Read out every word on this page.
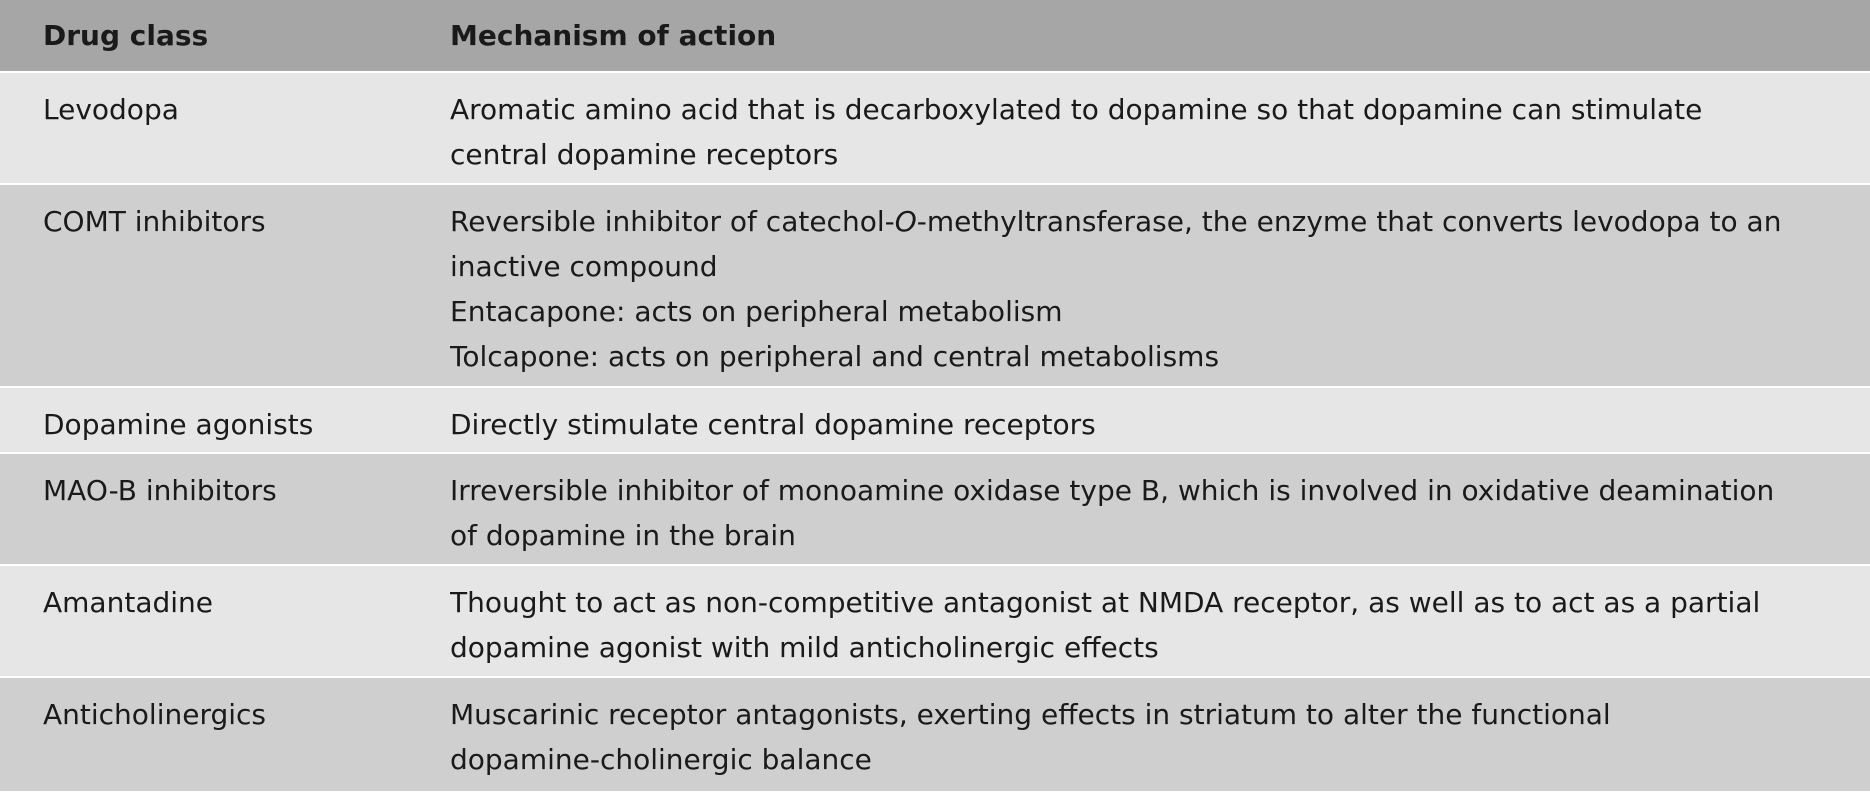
Drug class	Mechanism of action
Levodopa	Aromatic amino acid that is decarboxylated to dopamine so that dopamine can stimulate
central dopamine receptors
COMT inhibitors	Reversible inhibitor of catechol-O-methyltransferase, the enzyme that converts levodopa to an
inactive compound
Entacapone: acts on peripheral metabolism
Tolcapone: acts on peripheral and central metabolisms
Dopamine agonists	Directly stimulate central dopamine receptors
MAO-B inhibitors	Irreversible inhibitor of monoamine oxidase type B, which is involved in oxidative deamination
of dopamine in the brain
Amantadine	Thought to act as non-competitive antagonist at NMDA receptor, as well as to act as a partial
dopamine agonist with mild anticholinergic effects
Anticholinergics	Muscarinic receptor antagonists, exerting effects in striatum to alter the functional
dopamine-cholinergic balance
